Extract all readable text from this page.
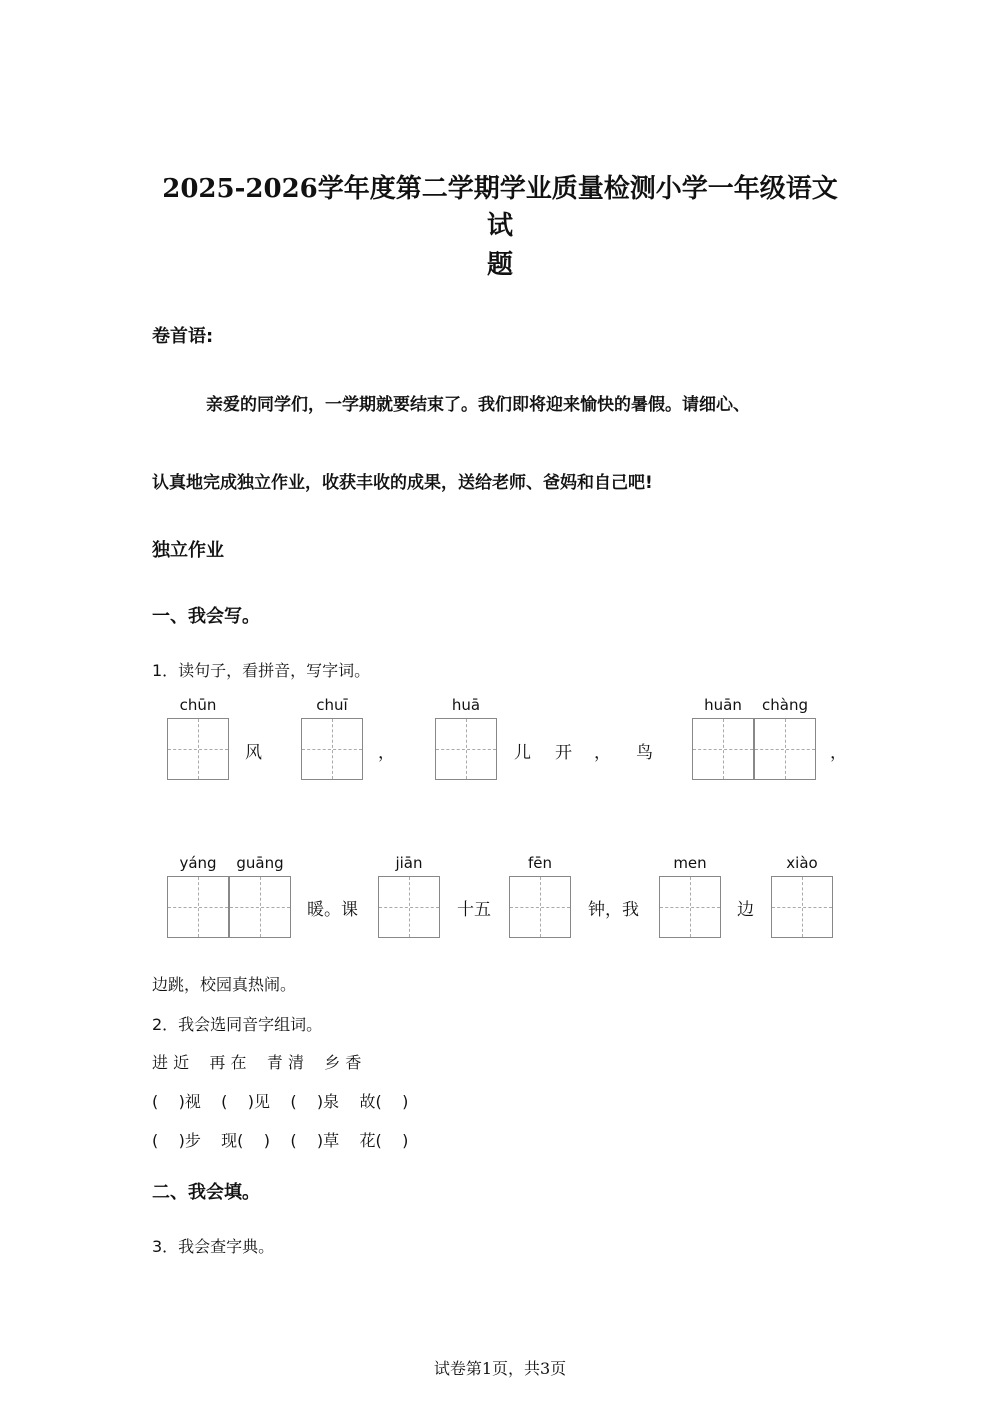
2025-2026学年度第二学期学业质量检测小学一年级语文试
题
卷首语:
亲爱的同学们，一学期就要结束了。我们即将迎来愉快的暑假。请细心、
认真地完成独立作业，收获丰收的成果，送给老师、爸妈和自己吧!
独立作业
一、我会写。
1．读句子，看拼音，写字词。
chūn	chuī	huā	huān	chàng
风	，	儿 开 ， 鸟	，
yáng	guāng	jiān	fēn	men	xiào
暖。课	十五	钟，我	边
边跳，校园真热闹。
2．我会选同音字组词。
进 近    再 在    青 清    乡 香
(    )视    (    )见    (    )泉    故(    )
(    )步    现(    )    (    )草    花(    )
二、我会填。
3．我会查字典。
试卷第1页，共3页
